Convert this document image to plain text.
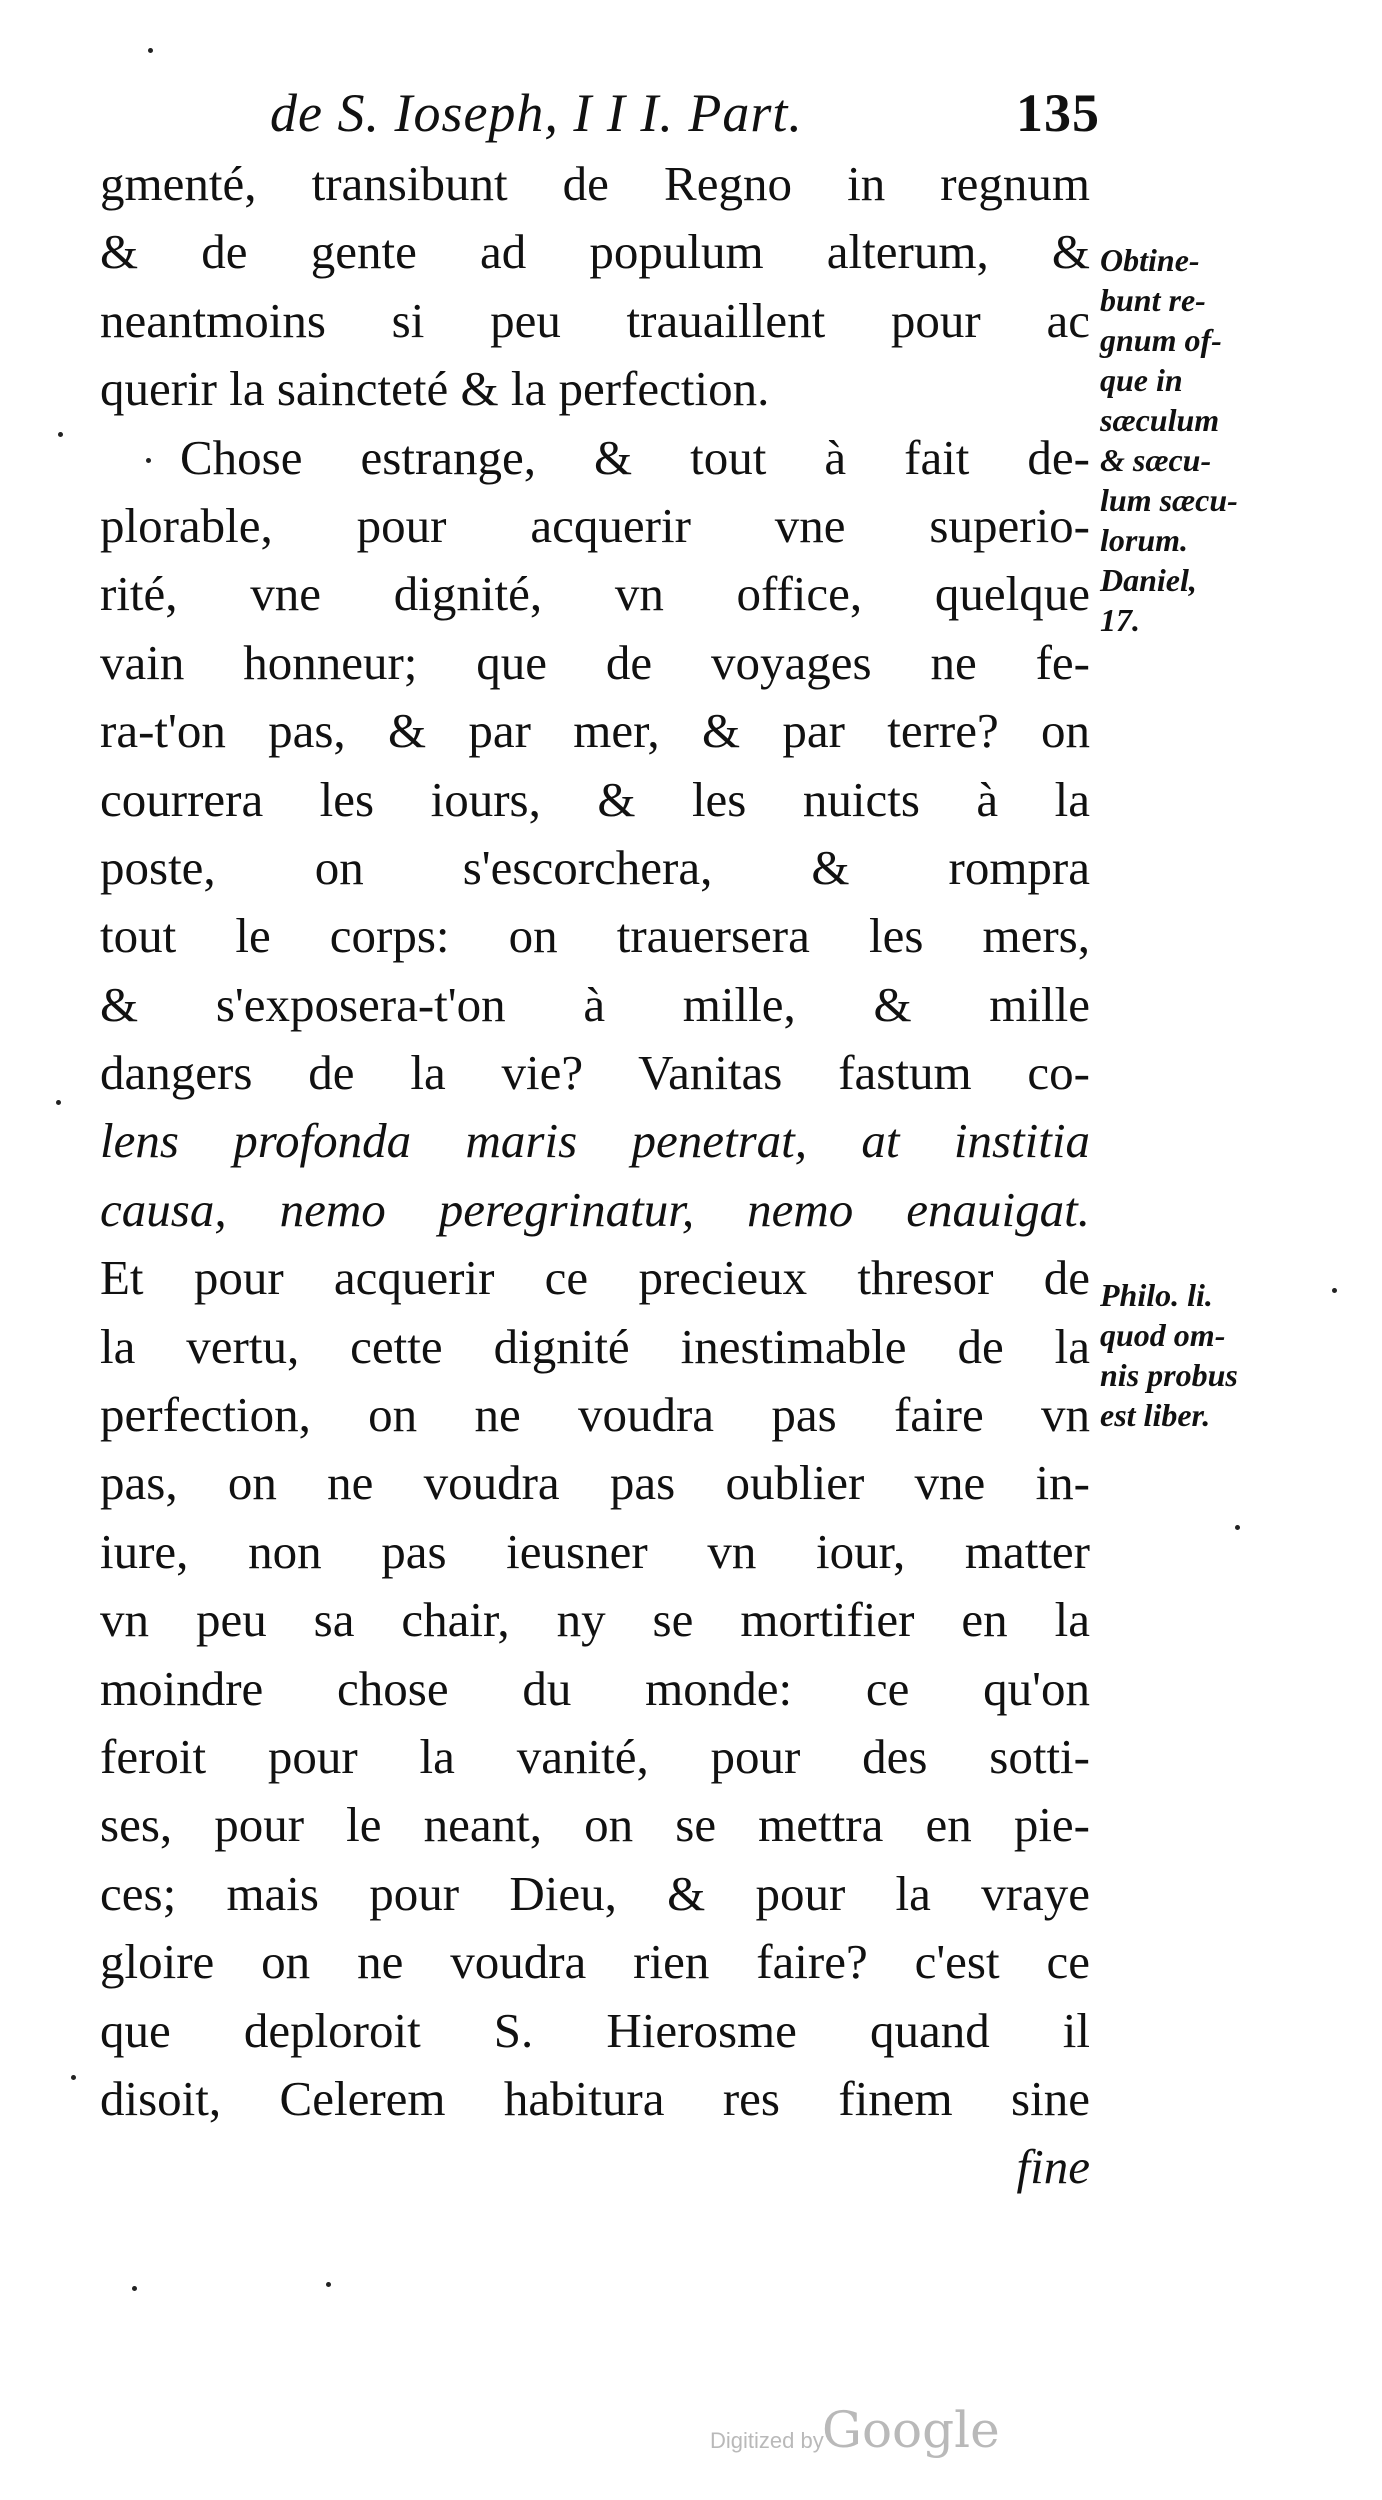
de S. Ioseph, I I I. Part.	135
gmenté, transibunt de Regno in regnum
& de gente ad populum alterum, &
neantmoins si peu trauaillent pour ac
querir la saincteté & la perfection.
Chose estrange, & tout à fait de-
plorable, pour acquerir vne superio-
rité, vne dignité, vn office, quelque
vain honneur; que de voyages ne fe-
ra-t'on pas, & par mer, & par terre? on
courrera les iours, & les nuicts à la
poste, on s'escorchera, & rompra
tout le corps: on trauersera les mers,
& s'exposera-t'on à mille, & mille
dangers de la vie? Vanitas fastum co-
lens profonda maris penetrat, at institia
causa, nemo peregrinatur, nemo enauigat.
Et pour acquerir ce precieux thresor de
la vertu, cette dignité inestimable de la
perfection, on ne voudra pas faire vn
pas, on ne voudra pas oublier vne in-
iure, non pas ieusner vn iour, matter
vn peu sa chair, ny se mortifier en la
moindre chose du monde: ce qu'on
feroit pour la vanité, pour des sotti-
ses, pour le neant, on se mettra en pie-
ces; mais pour Dieu, & pour la vraye
gloire on ne voudra rien faire? c'est ce
que deploroit S. Hierosme quand il
disoit, Celerem habitura res finem sine
fine
Obtine-
bunt re-
gnum of-
que in
sæculum
& sæcu-
lum sæcu-
lorum.
Daniel,
17.
Philo. li.
quod om-
nis probus
est liber.
Digitized by
Google
